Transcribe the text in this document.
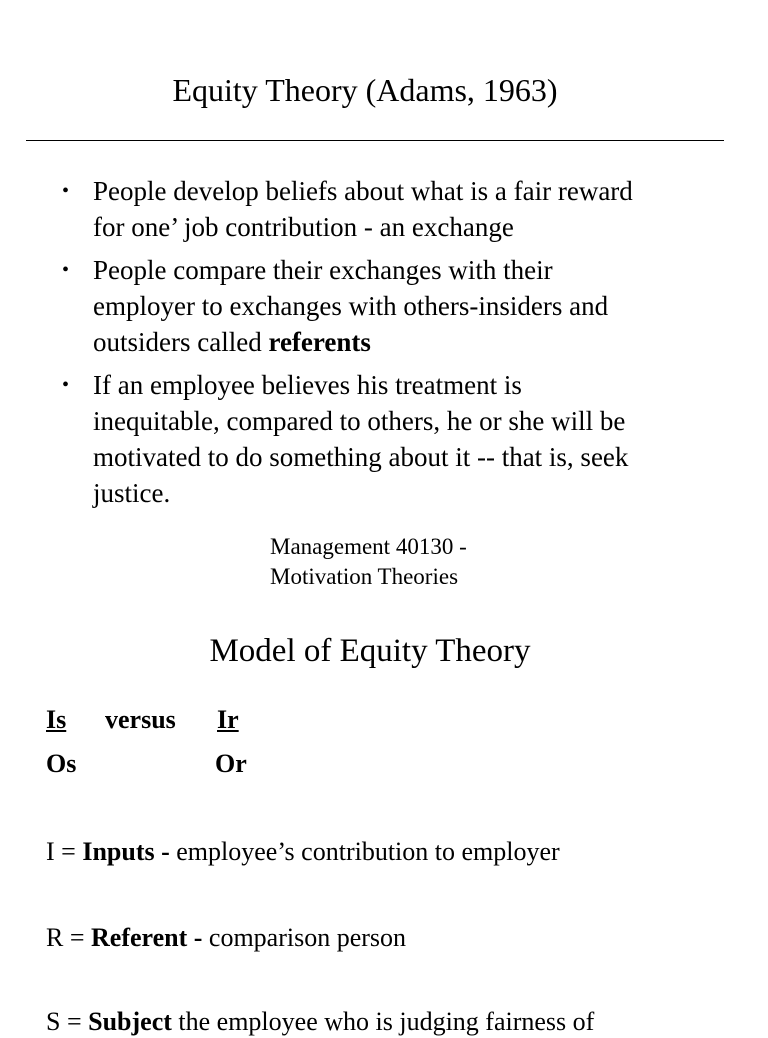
Equity Theory (Adams, 1963)
• People develop beliefs about what is a fair reward
for one’ job contribution - an exchange
• People compare their exchanges with their
employer to exchanges with others-insiders and
outsiders called referents
• If an employee believes his treatment is
inequitable, compared to others, he or she will be
motivated to do something about it -- that is, seek
justice.
Management 40130 -
Motivation Theories
Model of Equity Theory
Is versus	Ir
Os	Or
I = Inputs - employee’s contribution to employer
R = Referent - comparison person
S = Subject the employee who is judging fairness of
